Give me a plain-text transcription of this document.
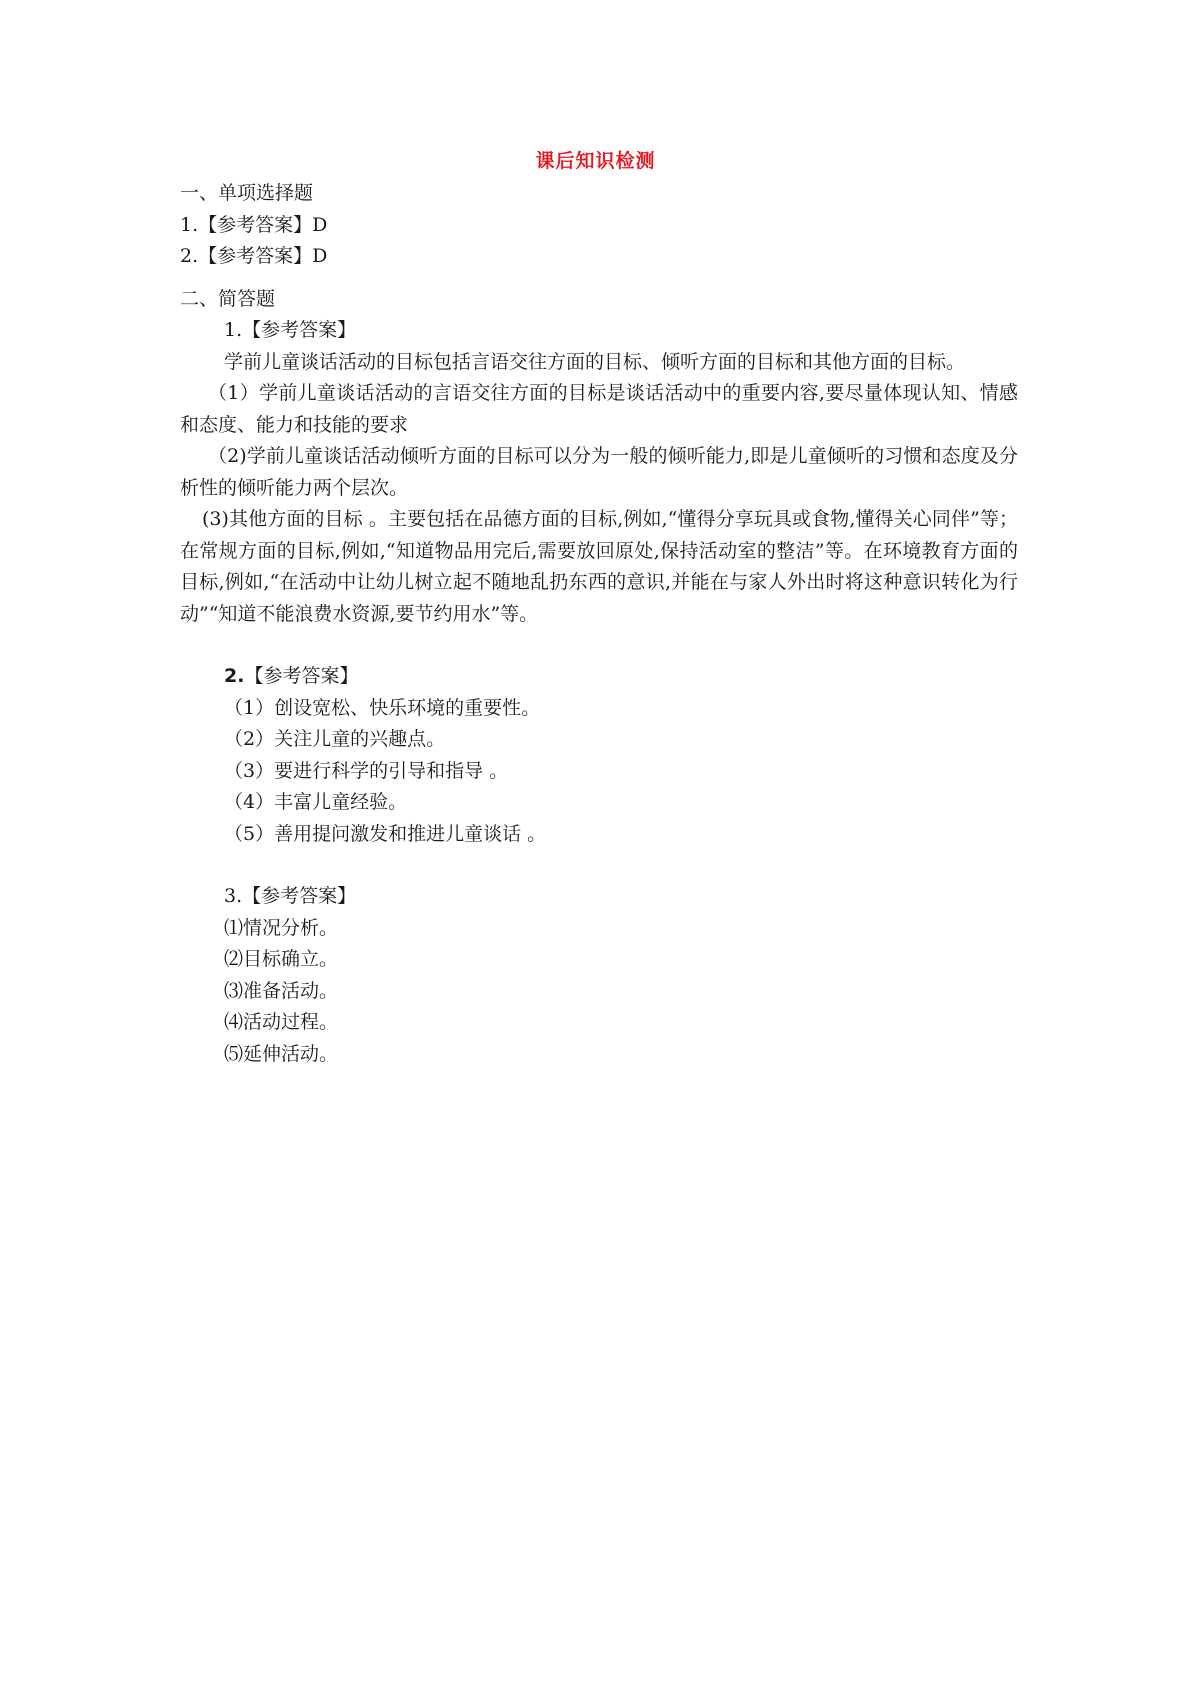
课后知识检测
一、单项选择题
1.【参考答案】D
2.【参考答案】D
二、简答题
1.【参考答案】
学前儿童谈话活动的目标包括言语交往方面的目标、倾听方面的目标和其他方面的目标。
（1）学前儿童谈话活动的言语交往方面的目标是谈话活动中的重要内容,要尽量体现认知、情感和态度、能力和技能的要求
（2)学前儿童谈话活动倾听方面的目标可以分为一般的倾听能力,即是儿童倾听的习惯和态度及分析性的倾听能力两个层次。
(3)其他方面的目标 。主要包括在品德方面的目标,例如,“懂得分享玩具或食物,懂得关心同伴”等； 在常规方面的目标,例如,“知道物品用完后,需要放回原处,保持活动室的整洁”等。在环境教育方面的目标,例如,“在活动中让幼儿树立起不随地乱扔东西的意识,并能在与家人外出时将这种意识转化为行动”“知道不能浪费水资源,要节约用水”等。
2.【参考答案】
（1）创设宽松、快乐环境的重要性。
（2）关注儿童的兴趣点。
（3）要进行科学的引导和指导 。
（4）丰富儿童经验。
（5）善用提问激发和推进儿童谈话 。
3.【参考答案】
⑴情况分析。
⑵目标确立。
⑶准备活动。
⑷活动过程。
⑸延伸活动。
